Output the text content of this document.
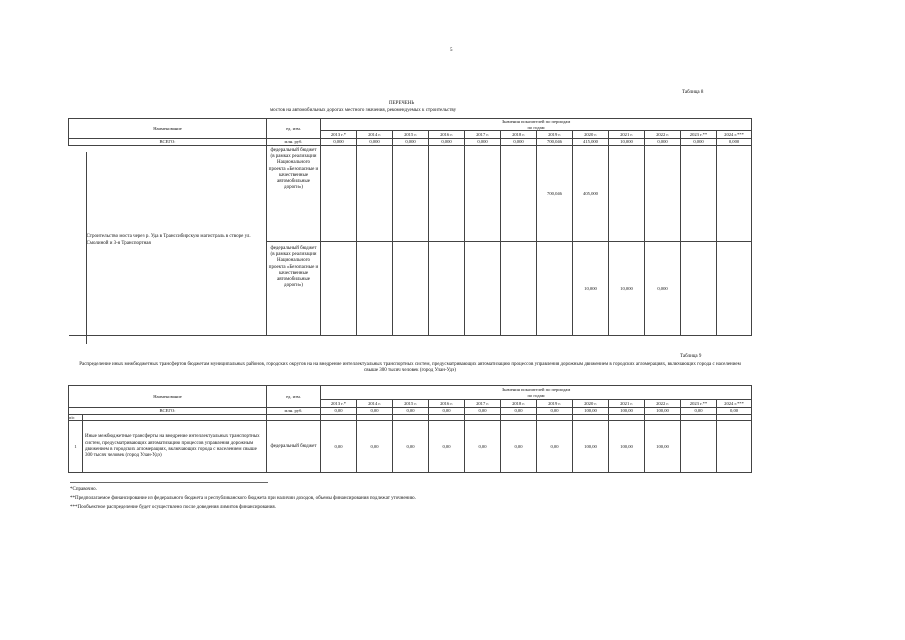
5
Таблица 8
ПЕРЕЧЕНЬ
мостов на автомобильных дорогах местного значения, рекомендуемых к строительству
Наименование	ед. изм.	Значения показателей по периодам											
		по годам											
		2013 г.*	2014 г.	2015 г.	2016 г.	2017 г.	2018 г.	2019 г.	2020 г.	2021 г.	2022 г.	2023 г.**	2024 г.***
ВСЕГО:	млн. руб.	0,000	0,000	0,000	0,000	0,000	0,000	700,046	415,000	10,000	0,000	0,000	0,000

Строительство моста через р. Уда в Транссибирскую магистраль в створе ул. Смолиной и 3-я Транспортная	федеральный бюджет (в рамках реализации Национального проекта «Безопасные и качественные автомобильные дороги»)							700,046	405,000				
	федеральный бюджет (в рамках реализации Национального проекта «Безопасные и качественные автомобильные дороги»)								10,000	10,000	0,000		
Таблица 9
Распределение иных межбюджетных трансфертов бюджетам муниципальных районов, городских округов на на внедрение интеллектуальных транспортных систем, предусматривающих автоматизацию процессов управления дорожным движением в городских агломерациях, включающих города с населением свыше 300 тысяч человек (город Улан-Удэ)
Наименование		ед. изм.	Значения показателей по периодам											
			по годам											
			2013 г.*	2014 г.	2015 г.	2016 г.	2017 г.	2018 г.	2019 г.	2020 г.	2021 г.	2022 г.	2023 г.**	2024 г.***
ВСЕГО:		млн. руб.	0,00	0,00	0,00	0,00	0,00	0,00	0,00	100,00	100,00	100,00	0,00	0,00
п/п														
1	Иные межбюджетные трансферты на внедрение интеллектуальных транспортных систем, предусматривающих автоматизацию процессов управления дорожным движением в городских агломерациях, включающих города с населением свыше 300 тысяч человек (город Улан-Удэ)	федеральный бюджет	0,00	0,00	0,00	0,00	0,00	0,00	0,00	100,00	100,00	100,00		
*Справочно.
**Предполагаемое финансирование из федерального бюджета и республиканского бюджета при наличии доходов, объемы финансирования подлежат уточнению.
***Пообъектное распределение будет осуществлено после доведения лимитов финансирования.
